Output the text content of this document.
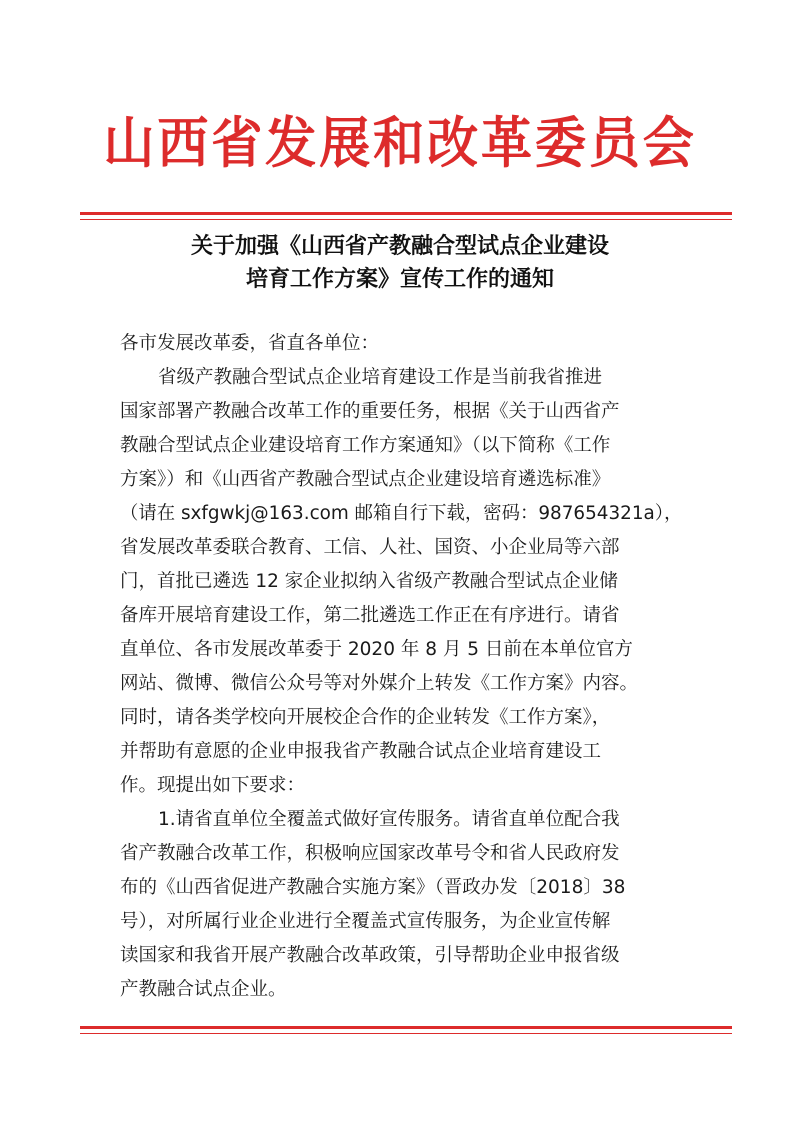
山西省发展和改革委员会
关于加强《山西省产教融合型试点企业建设
培育工作方案》宣传工作的通知
各市发展改革委，省直各单位：
省级产教融合型试点企业培育建设工作是当前我省推进
国家部署产教融合改革工作的重要任务，根据《关于山西省产
教融合型试点企业建设培育工作方案通知》（以下简称《工作
方案》）和《山西省产教融合型试点企业建设培育遴选标准》
（请在 sxfgwkj@163.com 邮箱自行下载，密码：987654321a），
省发展改革委联合教育、工信、人社、国资、小企业局等六部
门，首批已遴选 12 家企业拟纳入省级产教融合型试点企业储
备库开展培育建设工作，第二批遴选工作正在有序进行。请省
直单位、各市发展改革委于 2020 年 8 月 5 日前在本单位官方
网站、微博、微信公众号等对外媒介上转发《工作方案》内容。
同时，请各类学校向开展校企合作的企业转发《工作方案》，
并帮助有意愿的企业申报我省产教融合试点企业培育建设工
作。现提出如下要求：
1.请省直单位全覆盖式做好宣传服务。请省直单位配合我
省产教融合改革工作，积极响应国家改革号令和省人民政府发
布的《山西省促进产教融合实施方案》（晋政办发〔2018〕38
号），对所属行业企业进行全覆盖式宣传服务，为企业宣传解
读国家和我省开展产教融合改革政策，引导帮助企业申报省级
产教融合试点企业。
